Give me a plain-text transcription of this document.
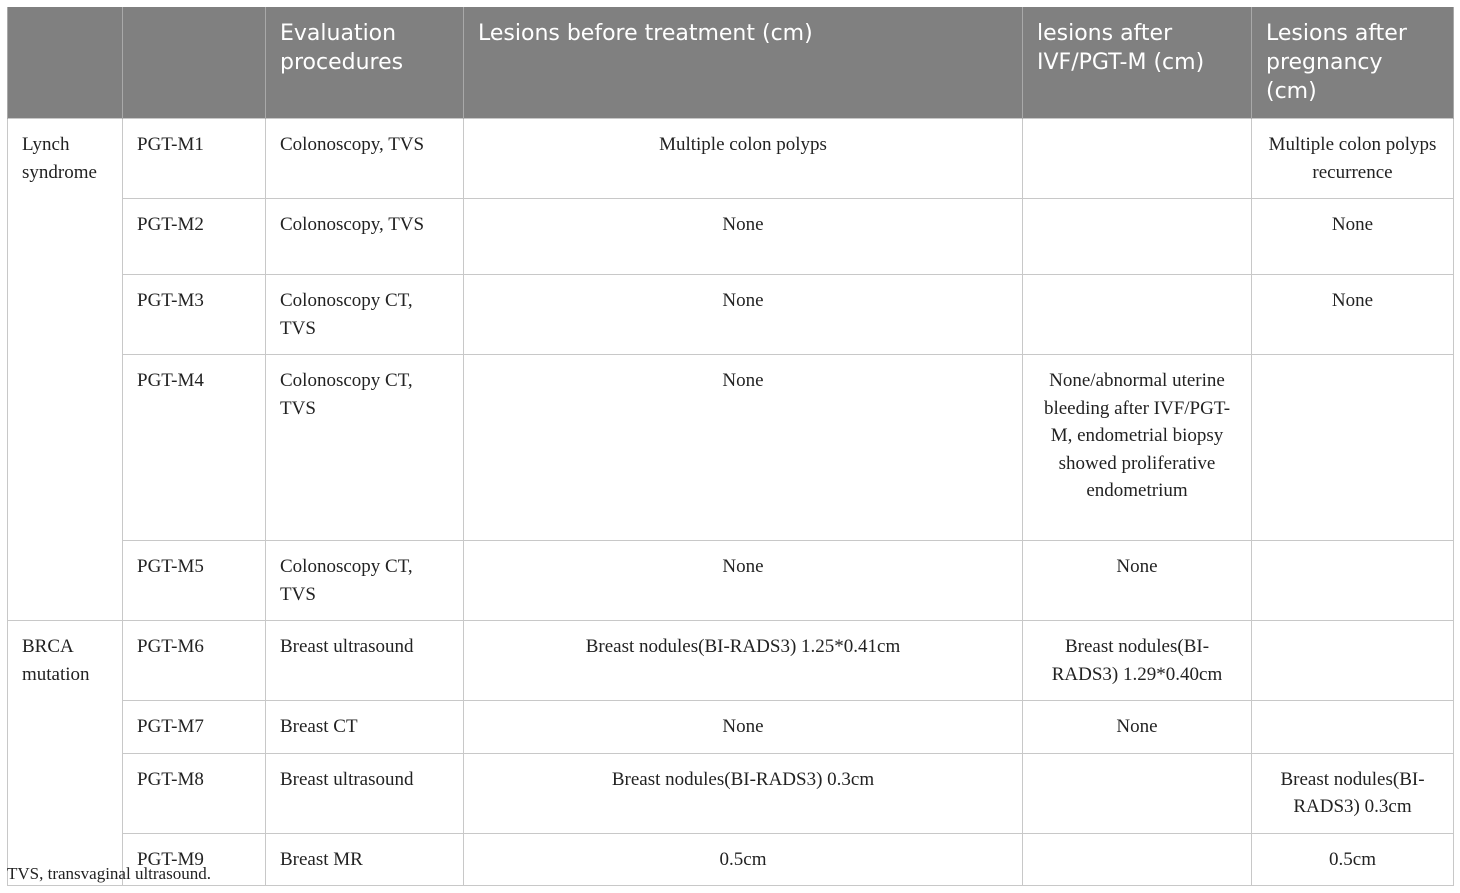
		Evaluation procedures	Lesions before treatment (cm)	lesions after IVF/PGT-M (cm)	Lesions after pregnancy (cm)
Lynch syndrome	PGT-M1	Colonoscopy, TVS	Multiple colon polyps		Multiple colon polyps recurrence
	PGT-M2	Colonoscopy, TVS	None		None
	PGT-M3	Colonoscopy CT, TVS	None		None
	PGT-M4	Colonoscopy CT, TVS	None	None/abnormal uterine bleeding after IVF/PGT-M, endometrial biopsy showed proliferative endometrium	
	PGT-M5	Colonoscopy CT, TVS	None	None	
BRCA mutation	PGT-M6	Breast ultrasound	Breast nodules(BI-RADS3) 1.25*0.41cm	Breast nodules(BI-RADS3) 1.29*0.40cm	
	PGT-M7	Breast CT	None	None	
	PGT-M8	Breast ultrasound	Breast nodules(BI-RADS3) 0.3cm		Breast nodules(BI-RADS3) 0.3cm
	PGT-M9	Breast MR	0.5cm		0.5cm
TVS, transvaginal ultrasound.
